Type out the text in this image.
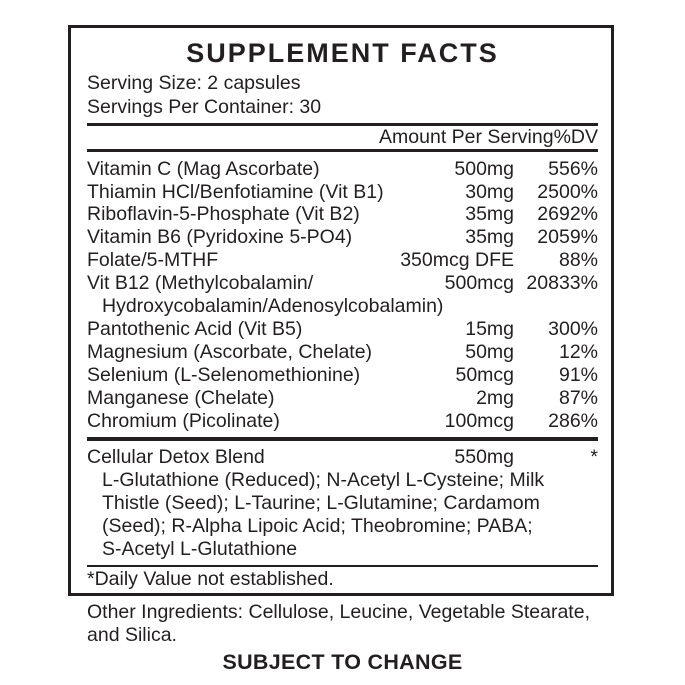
SUPPLEMENT FACTS
Serving Size: 2 capsules
Servings Per Container: 30
Amount Per Serving %DV
Vitamin C (Mag Ascorbate)	500mg	556%
Thiamin HCl/Benfotiamine (Vit B1)	30mg	2500%
Riboflavin-5-Phosphate (Vit B2)	35mg	2692%
Vitamin B6 (Pyridoxine 5-PO4)	35mg	2059%
Folate/5-MTHF	350mcg DFE	88%
Vit B12 (Methylcobalamin/	500mcg 20833%
Hydroxycobalamin/Adenosylcobalamin)
Pantothenic Acid (Vit B5)	15mg	300%
Magnesium (Ascorbate, Chelate)	50mg	12%
Selenium (L-Selenomethionine)	50mcg	91%
Manganese (Chelate)	2mg	87%
Chromium (Picolinate)	100mcg	286%
Cellular Detox Blend	550mg	*
L-Glutathione (Reduced); N-Acetyl L-Cysteine; Milk
Thistle (Seed); L-Taurine; L-Glutamine; Cardamom
(Seed); R-Alpha Lipoic Acid; Theobromine; PABA;
S-Acetyl L-Glutathione
*Daily Value not established.
Other Ingredients: Cellulose, Leucine, Vegetable Stearate, and Silica.
SUBJECT TO CHANGE
